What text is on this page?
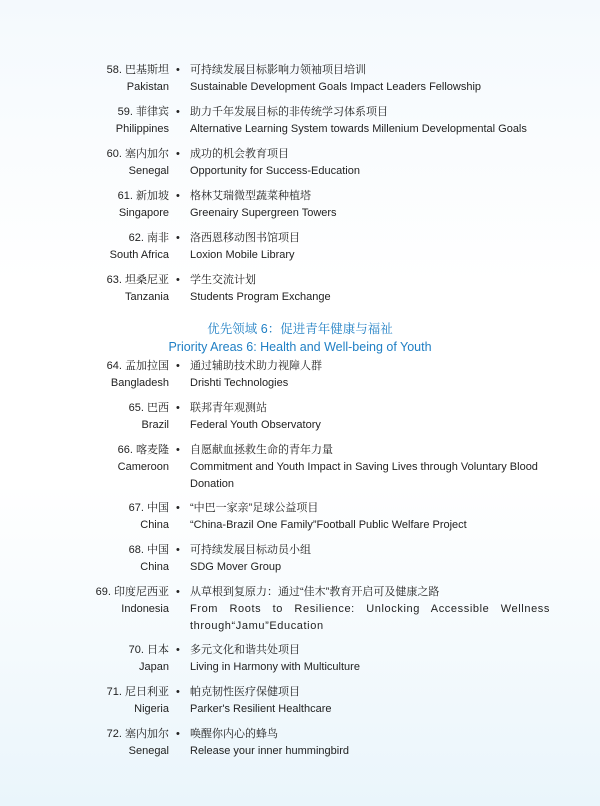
58. 巴基斯坦
Pakistan
• 可持续发展目标影响力领袖项目培训
Sustainable Development Goals Impact Leaders Fellowship
59. 菲律宾
Philippines
• 助力千年发展目标的非传统学习体系项目
Alternative Learning System towards Millenium Developmental Goals
60. 塞内加尔
Senegal
• 成功的机会教育项目
Opportunity for Success-Education
61. 新加坡
Singapore
• 格林艾瑞微型蔬菜种植塔
Greenairy Supergreen Towers
62. 南非
South Africa
• 洛西恩移动图书馆项目
Loxion Mobile Library
63. 坦桑尼亚
Tanzania
• 学生交流计划
Students Program Exchange
优先领域 6：促进青年健康与福祉
Priority Areas 6: Health and Well-being of Youth
64. 孟加拉国
Bangladesh
• 通过辅助技术助力视障人群
Drishti Technologies
65. 巴西
Brazil
• 联邦青年观测站
Federal Youth Observatory
66. 喀麦隆
Cameroon
• 自愿献血拯救生命的青年力量
Commitment and Youth Impact in Saving Lives through Voluntary Blood Donation
67. 中国
China
• “中巴一家亲”足球公益项目
“China-Brazil One Family”Football Public Welfare Project
68. 中国
China
• 可持续发展目标动员小组
SDG Mover Group
69. 印度尼西亚
Indonesia
• 从草根到复原力：通过“佳木”教育开启可及健康之路
From Roots to Resilience: Unlocking Accessible Wellness through“Jamu”Education
70. 日本
Japan
• 多元文化和谐共处项目
Living in Harmony with Multiculture
71. 尼日利亚
Nigeria
• 帕克韧性医疗保健项目
Parker's Resilient Healthcare
72. 塞内加尔
Senegal
• 唤醒你内心的蜂鸟
Release your inner hummingbird
